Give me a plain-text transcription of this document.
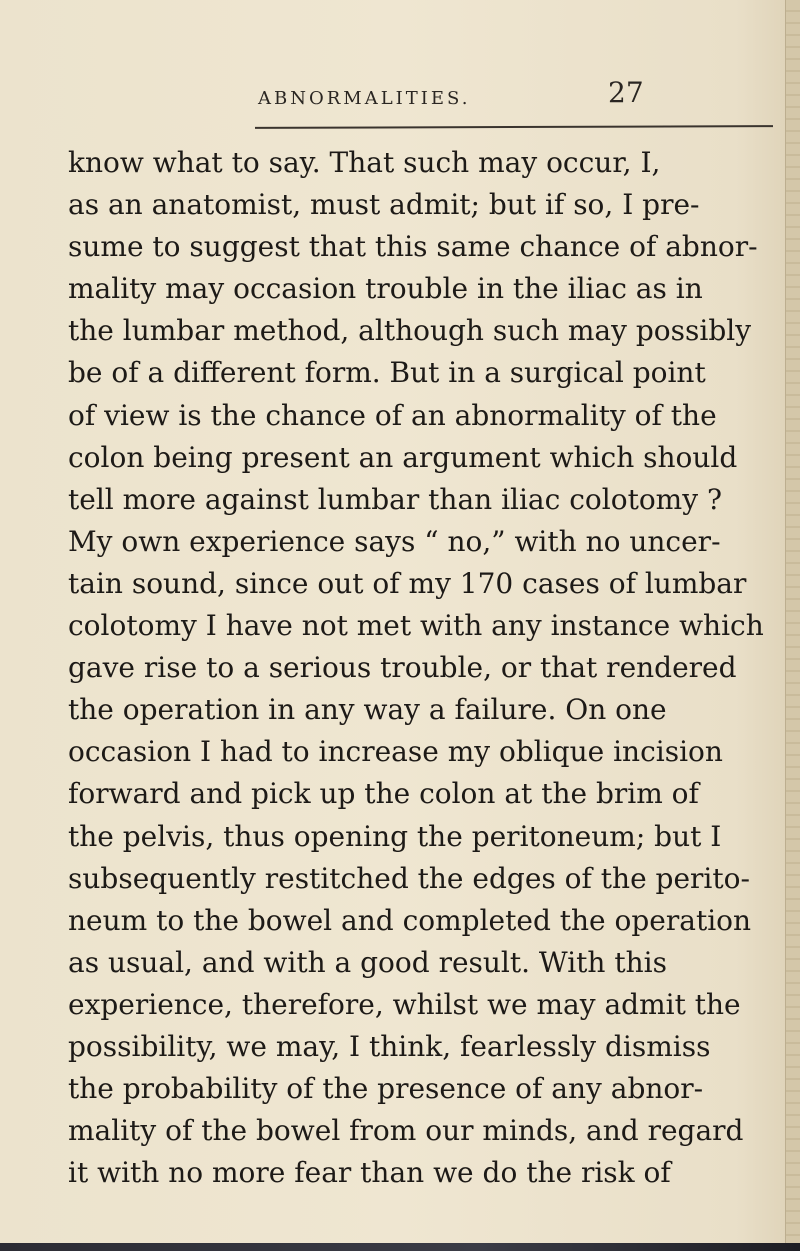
ABNORMALITIES.	27
know what to say. That such may occur, I,
as an anatomist, must admit; but if so, I pre-
sume to suggest that this same chance of abnor-
mality may occasion trouble in the iliac as in
the lumbar method, although such may possibly
be of a different form. But in a surgical point
of view is the chance of an abnormality of the
colon being present an argument which should
tell more against lumbar than iliac colotomy ?
My own experience says “ no,” with no uncer-
tain sound, since out of my 170 cases of lumbar
colotomy I have not met with any instance which
gave rise to a serious trouble, or that rendered
the operation in any way a failure. On one
occasion I had to increase my oblique incision
forward and pick up the colon at the brim of
the pelvis, thus opening the peritoneum; but I
subsequently restitched the edges of the perito-
neum to the bowel and completed the operation
as usual, and with a good result. With this
experience, therefore, whilst we may admit the
possibility, we may, I think, fearlessly dismiss
the probability of the presence of any abnor-
mality of the bowel from our minds, and regard
it with no more fear than we do the risk of
